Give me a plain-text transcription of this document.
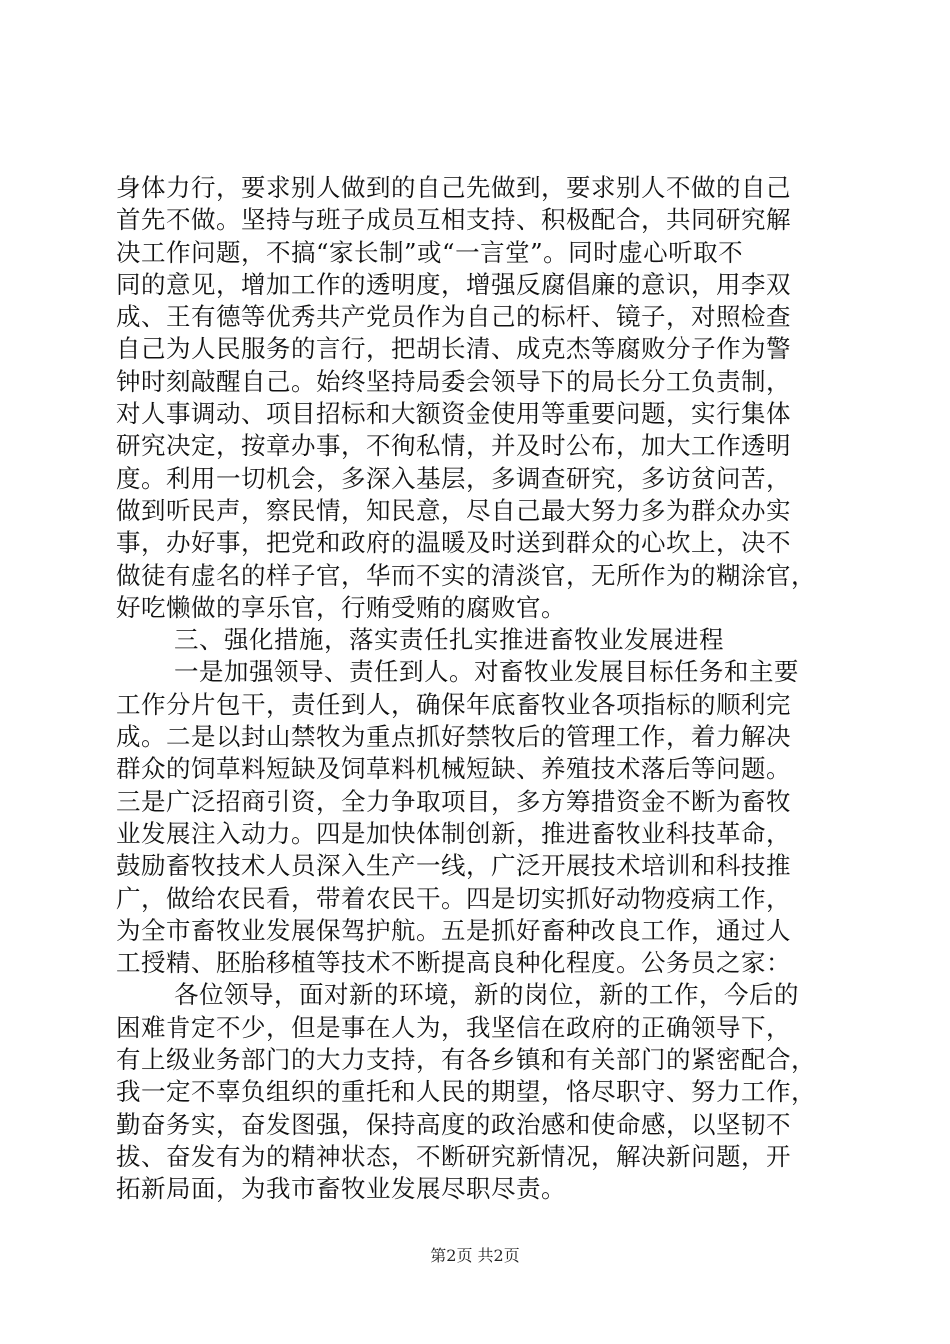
身体力行，要求别人做到的自己先做到，要求别人不做的自己
首先不做。坚持与班子成员互相支持、积极配合，共同研究解
决工作问题，不搞“家长制”或“一言堂”。同时虚心听取不
同的意见，增加工作的透明度，增强反腐倡廉的意识，用李双
成、王有德等优秀共产党员作为自己的标杆、镜子，对照检查
自己为人民服务的言行，把胡长清、成克杰等腐败分子作为警
钟时刻敲醒自己。始终坚持局委会领导下的局长分工负责制，
对人事调动、项目招标和大额资金使用等重要问题，实行集体
研究决定，按章办事，不徇私情，并及时公布，加大工作透明
度。利用一切机会，多深入基层，多调查研究，多访贫问苦，
做到听民声，察民情，知民意，尽自己最大努力多为群众办实
事，办好事，把党和政府的温暖及时送到群众的心坎上，决不
做徒有虚名的样子官，华而不实的清淡官，无所作为的糊涂官，
好吃懒做的享乐官，行贿受贿的腐败官。
三、强化措施，落实责任扎实推进畜牧业发展进程
一是加强领导、责任到人。对畜牧业发展目标任务和主要
工作分片包干，责任到人，确保年底畜牧业各项指标的顺利完
成。二是以封山禁牧为重点抓好禁牧后的管理工作，着力解决
群众的饲草料短缺及饲草料机械短缺、养殖技术落后等问题。
三是广泛招商引资，全力争取项目，多方筹措资金不断为畜牧
业发展注入动力。四是加快体制创新，推进畜牧业科技革命，
鼓励畜牧技术人员深入生产一线，广泛开展技术培训和科技推
广，做给农民看，带着农民干。四是切实抓好动物疫病工作，
为全市畜牧业发展保驾护航。五是抓好畜种改良工作，通过人
工授精、胚胎移植等技术不断提高良种化程度。公务员之家：
各位领导，面对新的环境，新的岗位，新的工作，今后的
困难肯定不少，但是事在人为，我坚信在政府的正确领导下，
有上级业务部门的大力支持，有各乡镇和有关部门的紧密配合，
我一定不辜负组织的重托和人民的期望，恪尽职守、努力工作，
勤奋务实，奋发图强，保持高度的政治感和使命感，以坚韧不
拔、奋发有为的精神状态，不断研究新情况，解决新问题，开
拓新局面，为我市畜牧业发展尽职尽责。
第2页 共2页
